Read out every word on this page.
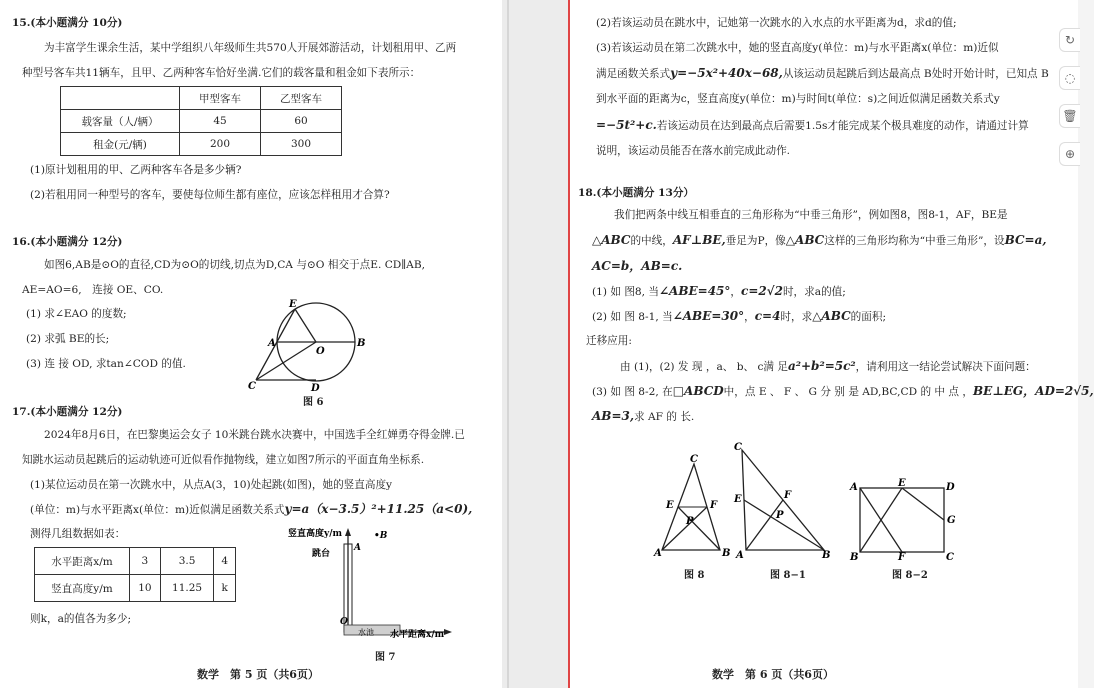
15.(本小题满分 10分)
为丰富学生课余生活，某中学组织八年级师生共570人开展郊游活动，计划租用甲、乙两
种型号客车共11辆车，且甲、乙两种客车恰好坐满.它们的载客量和租金如下表所示：
	甲型客车	乙型客车
载客量（人/辆）	45	60
租金(元/辆)	200	300
(1)原计划租用的甲、乙两种客车各是多少辆?
(2)若租用同一种型号的客车，要使每位师生都有座位，应该怎样租用才合算?
16.(本小题满分 12分)
如图6,AB是⊙O的直径,CD为⊙O的切线,切点为D,CA 与⊙O 相交于点E. CD∥AB,
AE=AO=6,　连接 OE、CO.
(1) 求∠EAO 的度数;
(2) 求弧 BE的长;
(3) 连 接 OD, 求tan∠COD 的值.
E
A
O
B
C	D
图 6
17.(本小题满分 12分)
2024年8月6日，在巴黎奥运会女子 10米跳台跳水决赛中，中国选手全红婵勇夺得金牌.已
知跳水运动员起跳后的运动轨迹可近似看作抛物线，建立如图7所示的平面直角坐标系.
(1)某位运动员在第一次跳水中，从点A(3，10)处起跳(如图)，她的竖直高度y
(单位：m)与水平距离x(单位：m)近似满足函数关系式y=a（x−3.5）²+11.25（a<0),
测得几组数据如表：
水平距离x/m	3	3.5	4
竖直高度y/m	10	11.25	k
则k，a的值各为多少;
竖直高度y/m
跳台
A
•B
O
水池 水平距离x/m
图 7
数学　第 5 页（共6页）
(2)若该运动员在跳水中，记她第一次跳水的入水点的水平距离为d，求d的值;
(3)若该运动员在第二次跳水中，她的竖直高度y(单位：m)与水平距离x(单位：m)近似
满足函数关系式y=−5x²+40x−68,从该运动员起跳后到达最高点 B处时开始计时，已知点 B
到水平面的距离为c，竖直高度y(单位：m)与时间t(单位：s)之间近似满足函数关系式y
=−5t²+c.若该运动员在达到最高点后需要1.5s才能完成某个极具难度的动作，请通过计算
说明，该运动员能否在落水前完成此动作.
18.(本小题满分 13分）
我们把两条中线互相垂直的三角形称为“中垂三角形”，例如图8，图8-1，AF，BE是
△ABC的中线，AF⊥BE,垂足为P，像△ABC这样的三角形均称为“中垂三角形”，设BC=a,
AC=b，AB=c.
(1) 如 图8, 当∠ABE=45°，c=2√2时，求a的值;
(2) 如 图 8-1, 当∠ABE=30°，c=4时，求△ABC的面积;
迁移应用:
由 (1)，(2) 发 现 ，a、 b、 c满 足a²+b²=5c²，请利用这一结论尝试解决下面问题：
(3) 如 图 8-2, 在□ABCD中，点 E 、 F 、 G 分 别 是 AD,BC,CD 的 中 点 ，BE⊥EG，AD=2√5,
AB=3,求 AF 的 长.
C
E	F
P
A	B
图 8
C
E	F
P
A	B
图 8−1
A	D
E
G
B	F	C
图 8−2
数学　第 6 页（共6页）
↻
◌
🗑
⊕
